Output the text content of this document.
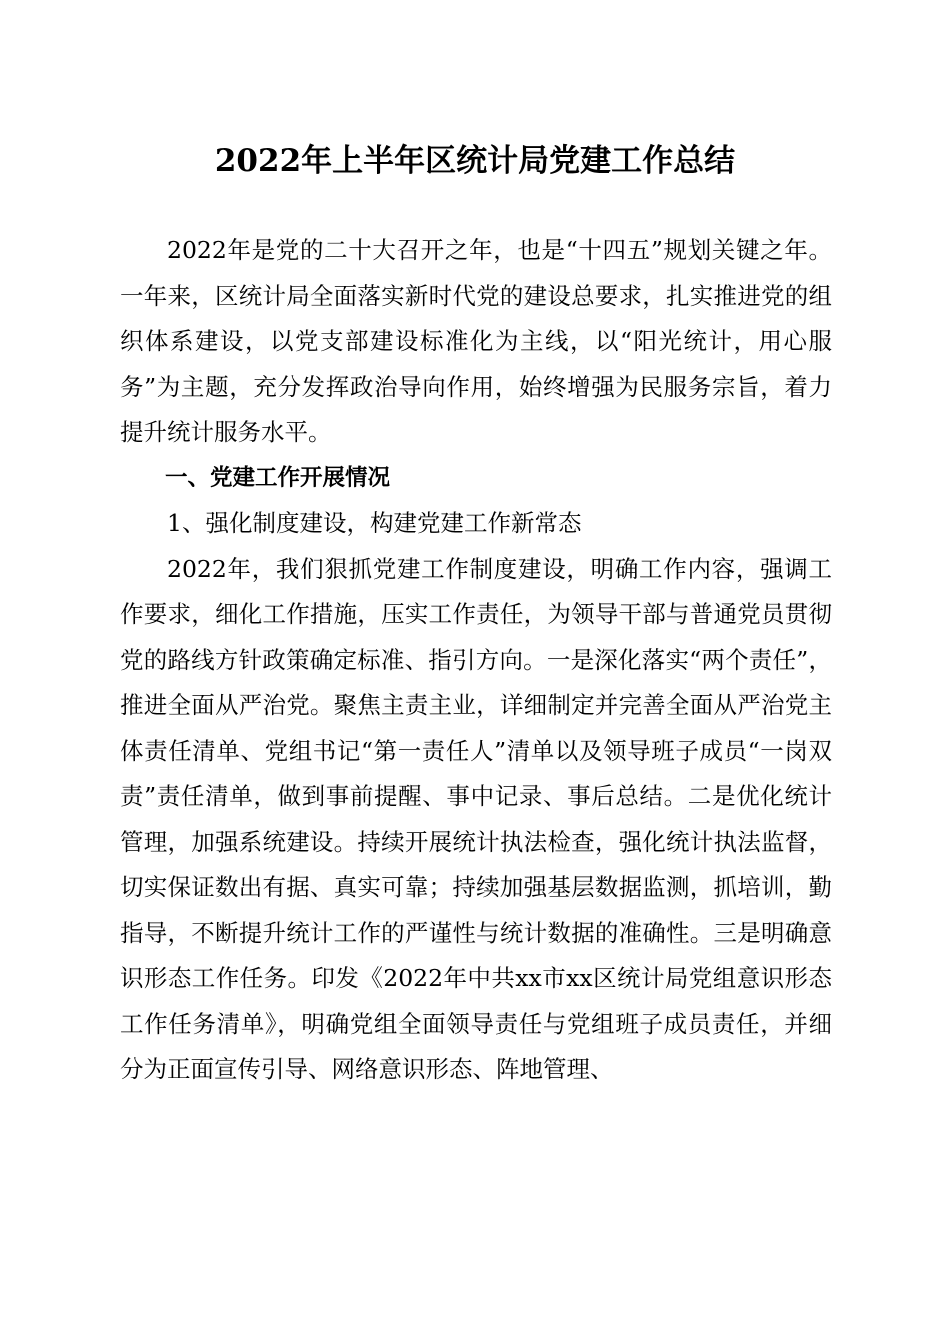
2022年上半年区统计局党建工作总结

2022年是党的二十大召开之年，也是“十四五”规划关键之年。一年来，区统计局全面落实新时代党的建设总要求，扎实推进党的组织体系建设，以党支部建设标准化为主线，以“阳光统计，用心服务”为主题，充分发挥政治导向作用，始终增强为民服务宗旨，着力提升统计服务水平。

一、党建工作开展情况

1、强化制度建设，构建党建工作新常态

2022年，我们狠抓党建工作制度建设，明确工作内容，强调工作要求，细化工作措施，压实工作责任，为领导干部与普通党员贯彻党的路线方针政策确定标准、指引方向。一是深化落实“两个责任”，推进全面从严治党。聚焦主责主业，详细制定并完善全面从严治党主体责任清单、党组书记“第一责任人”清单以及领导班子成员“一岗双责”责任清单，做到事前提醒、事中记录、事后总结。二是优化统计管理，加强系统建设。持续开展统计执法检查，强化统计执法监督，切实保证数出有据、真实可靠；持续加强基层数据监测，抓培训，勤指导，不断提升统计工作的严谨性与统计数据的准确性。三是明确意识形态工作任务。印发《2022年中共xx市xx区统计局党组意识形态工作任务清单》，明确党组全面领导责任与党组班子成员责任，并细分为正面宣传引导、网络意识形态、阵地管理、
